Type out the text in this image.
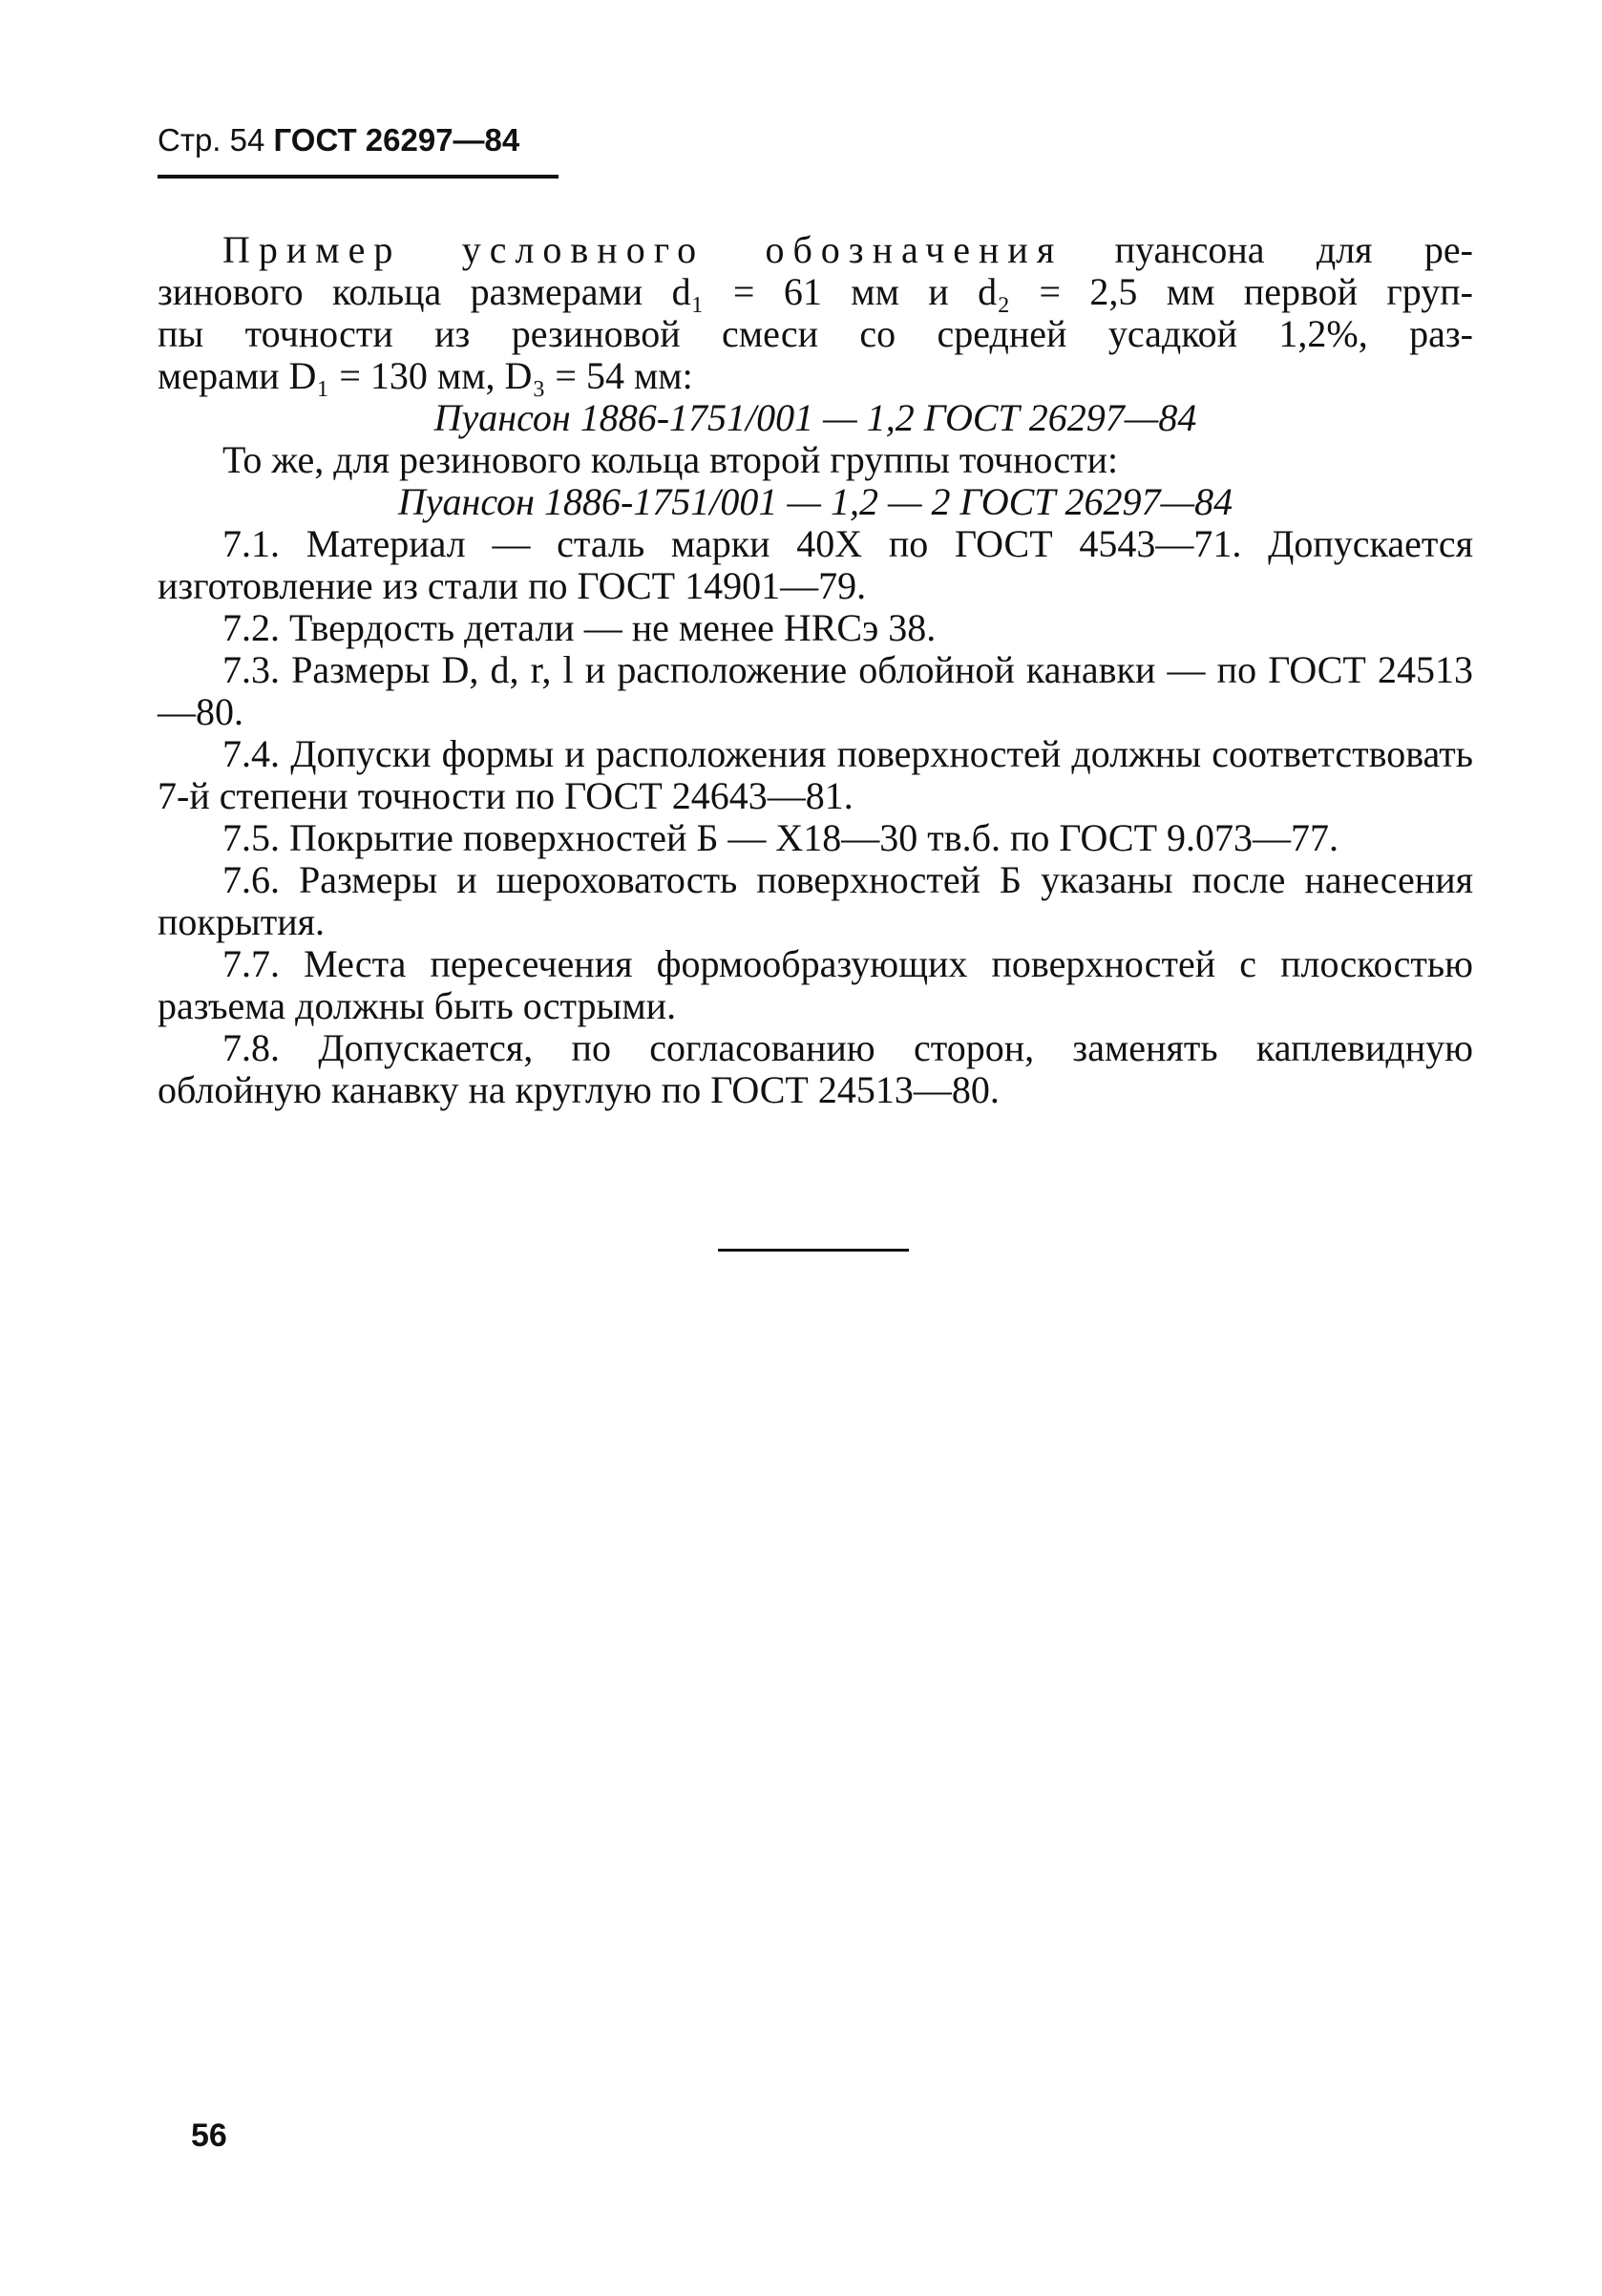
Стр. 54 ГОСТ 26297—84

Пример условного обозначения пуансона для ре-

зинового кольца размерами d₁ = 61 мм и d₂ = 2,5 мм первой груп-

пы точности из резиновой смеси со средней усадкой 1,2%, раз-

мерами D₁ = 130 мм, D₃ = 54 мм:

Пуансон 1886-1751/001 — 1,2 ГОСТ 26297—84

То же, для резинового кольца второй группы точности:

Пуансон 1886-1751/001 — 1,2 — 2 ГОСТ 26297—84

7.1. Материал — сталь марки 40Х по ГОСТ 4543—71. Допускается изготовление из стали по ГОСТ 14901—79.

7.2. Твердость детали — не менее HRCэ 38.

7.3. Размеры D, d, r, l и расположение облойной канавки — по ГОСТ 24513—80.

7.4. Допуски формы и расположения поверхностей должны соответствовать 7-й степени точности по ГОСТ 24643—81.

7.5. Покрытие поверхностей Б — Х18—30 тв.б. по ГОСТ 9.073—77.

7.6. Размеры и шероховатость поверхностей Б указаны после нанесения покрытия.

7.7. Места пересечения формообразующих поверхностей с плоскостью разъема должны быть острыми.

7.8. Допускается, по согласованию сторон, заменять каплевидную облойную канавку на круглую по ГОСТ 24513—80.

56
